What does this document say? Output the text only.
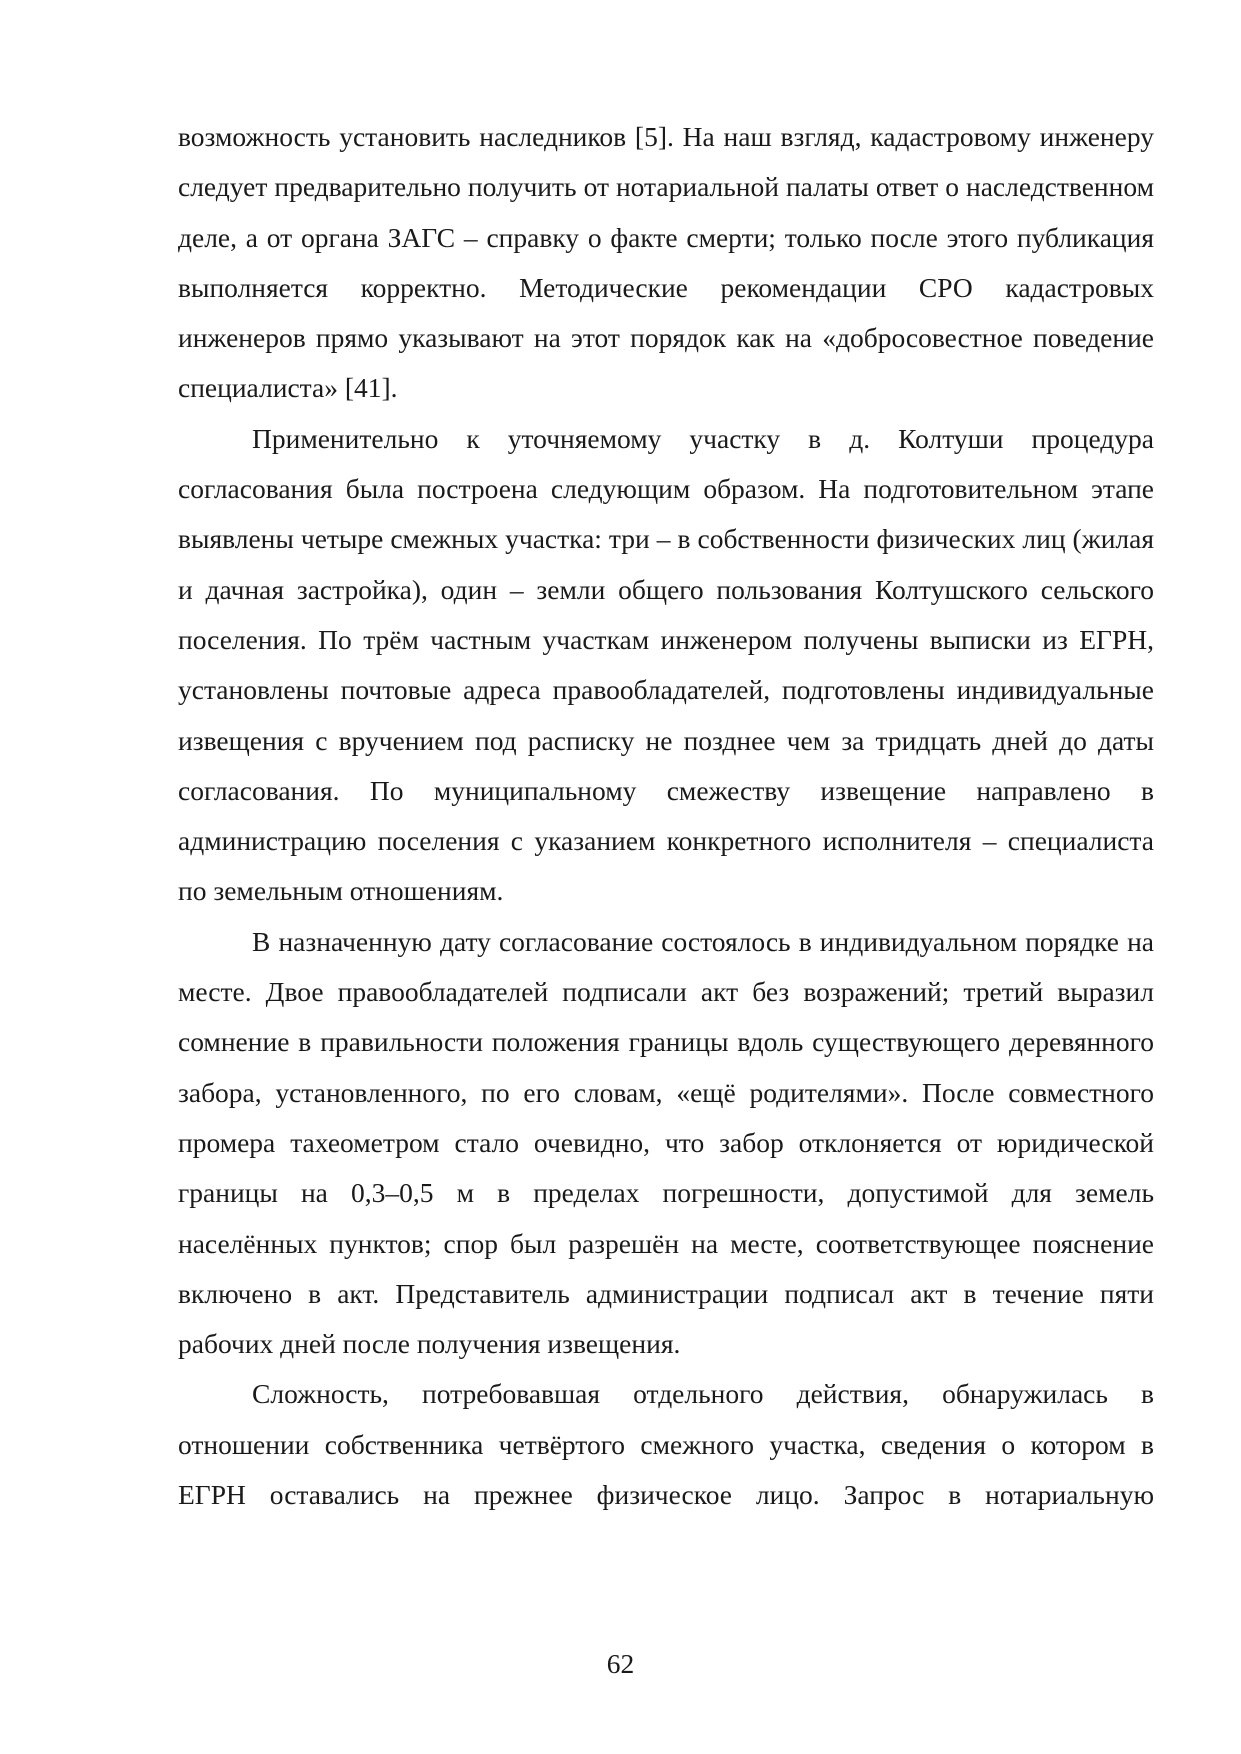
возможность установить наследников [5]. На наш взгляд, кадастровому инженеру следует предварительно получить от нотариальной палаты ответ о наследственном деле, а от органа ЗАГС – справку о факте смерти; только после этого публикация выполняется корректно. Методические рекомендации СРО кадастровых инженеров прямо указывают на этот порядок как на «добросовестное поведение специалиста» [41].

Применительно к уточняемому участку в д. Колтуши процедура согласования была построена следующим образом. На подготовительном этапе выявлены четыре смежных участка: три – в собственности физических лиц (жилая и дачная застройка), один – земли общего пользования Колтушского сельского поселения. По трём частным участкам инженером получены выписки из ЕГРН, установлены почтовые адреса правообладателей, подготовлены индивидуальные извещения с вручением под расписку не позднее чем за тридцать дней до даты согласования. По муниципальному смежеству извещение направлено в администрацию поселения с указанием конкретного исполнителя – специалиста по земельным отношениям.

В назначенную дату согласование состоялось в индивидуальном порядке на месте. Двое правообладателей подписали акт без возражений; третий выразил сомнение в правильности положения границы вдоль существующего деревянного забора, установленного, по его словам, «ещё родителями». После совместного промера тахеометром стало очевидно, что забор отклоняется от юридической границы на 0,3–0,5 м в пределах погрешности, допустимой для земель населённых пунктов; спор был разрешён на месте, соответствующее пояснение включено в акт. Представитель администрации подписал акт в течение пяти рабочих дней после получения извещения.

Сложность, потребовавшая отдельного действия, обнаружилась в отношении собственника четвёртого смежного участка, сведения о котором в ЕГРН оставались на прежнее физическое лицо. Запрос в нотариальную

62
